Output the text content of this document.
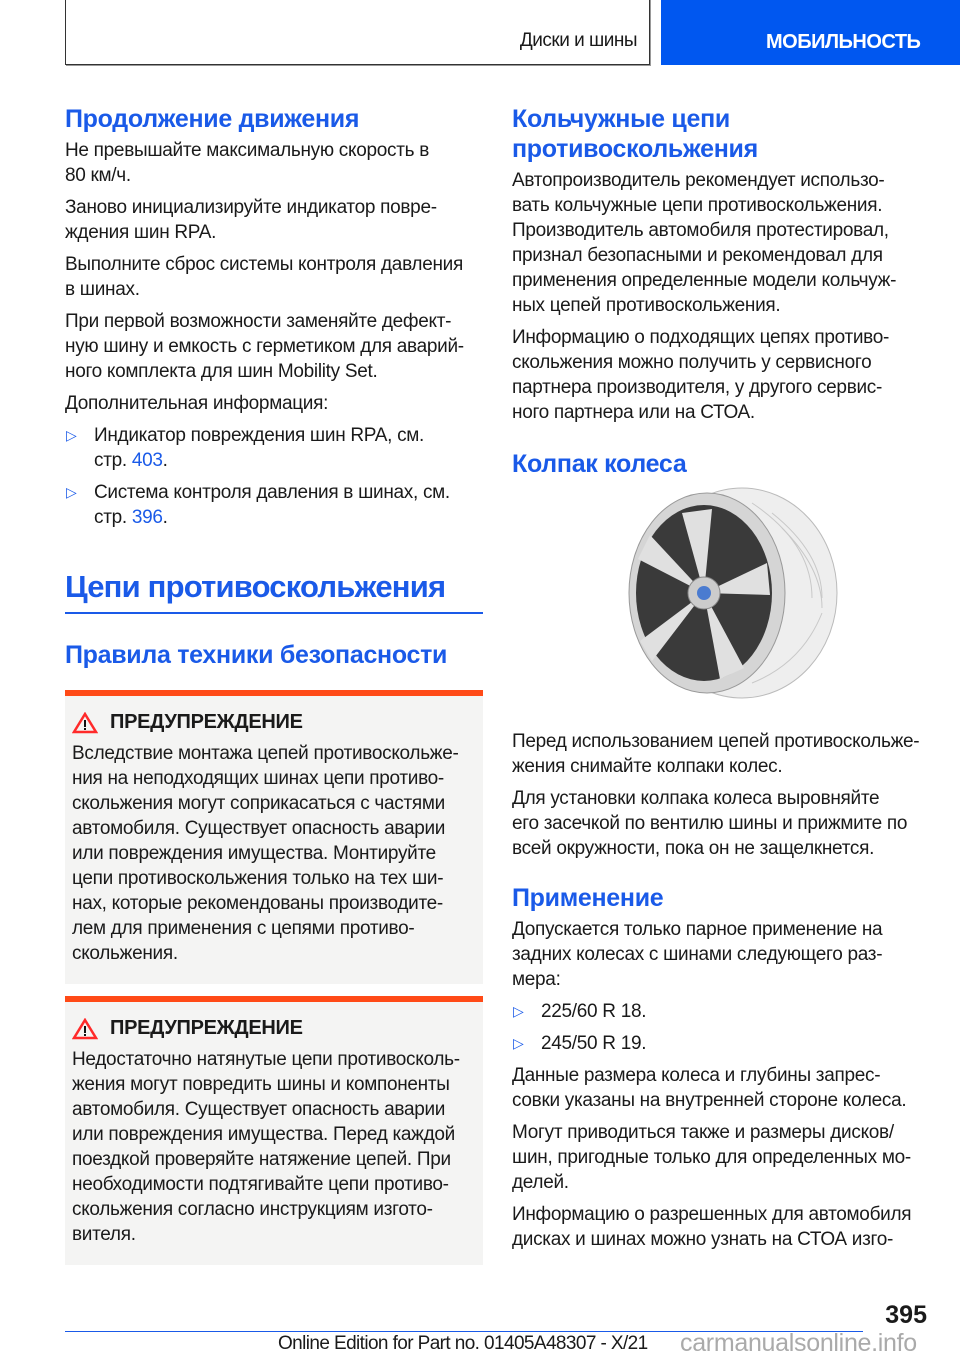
Диски и шины	МОБИЛЬНОСТЬ
Продолжение движения

Не превышайте максимальную скорость в
80 км/ч.

Заново инициализируйте индикатор повре-
ждения шин RPA.

Выполните сброс системы контроля давления
в шинах.

При первой возможности заменяйте дефект-
ную шину и емкость с герметиком для аварий-
ного комплекта для шин Mobility Set.

Дополнительная информация:

▷ Индикатор повреждения шин RPA, см.
стр. 403.
▷ Система контроля давления в шинах, см.
стр. 396.
Цепи противоскольжения
Правила техники безопасности
ПРЕДУПРЕЖДЕНИЕ

Вследствие монтажа цепей противоскольже-
ния на неподходящих шинах цепи противо-
скольжения могут соприкасаться с частями
автомобиля. Существует опасность аварии
или повреждения имущества. Монтируйте
цепи противоскольжения только на тех ши-
нах, которые рекомендованы производите-
лем для применения с цепями противо-
скольжения.

ПРЕДУПРЕЖДЕНИЕ

Недостаточно натянутые цепи противосколь-
жения могут повредить шины и компоненты
автомобиля. Существует опасность аварии
или повреждения имущества. Перед каждой
поездкой проверяйте натяжение цепей. При
необходимости подтягивайте цепи противо-
скольжения согласно инструкциям изгото-
вителя.

Кольчужные цепи
противоскольжения

Автопроизводитель рекомендует использо-
вать кольчужные цепи противоскольжения.
Производитель автомобиля протестировал,
признал безопасными и рекомендовал для
применения определенные модели кольчуж-
ных цепей противоскольжения.

Информацию о подходящих цепях противо-
скольжения можно получить у сервисного
партнера производителя, у другого сервис-
ного партнера или на СТОА.

Колпак колеса

Перед использованием цепей противоскольже-
жения снимайте колпаки колес.

Для установки колпака колеса выровняйте
его засечкой по вентилю шины и прижмите по
всей окружности, пока он не защелкнется.

Применение

Допускается только парное применение на
задних колесах с шинами следующего раз-
мера:

▷ 225/60 R 18.
▷ 245/50 R 19.

Данные размера колеса и глубины запрес-
совки указаны на внутренней стороне колеса.

Могут приводиться также и размеры дисков/
шин, пригодные только для определенных мо-
делей.

Информацию о разрешенных для автомобиля
дисках и шинах можно узнать на СТОА изго-

395
Online Edition for Part no. 01405A48307 - X/21 carmanualsonline.info
